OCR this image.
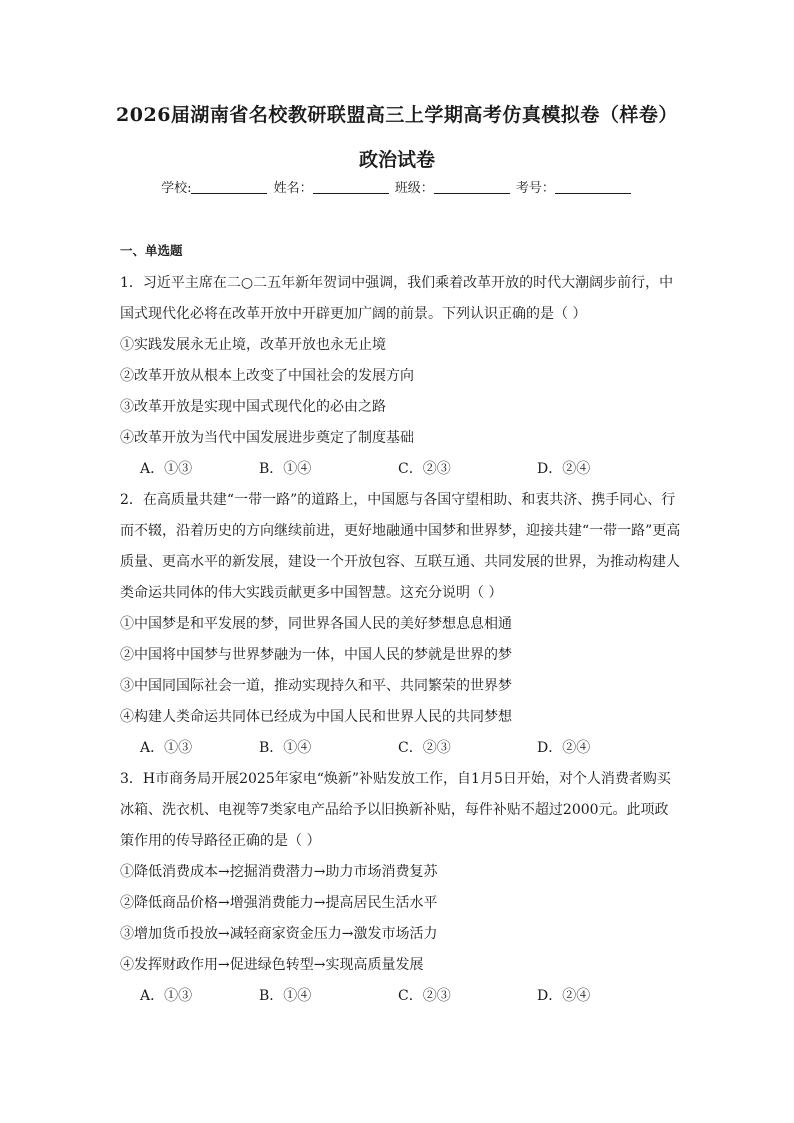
2026届湖南省名校教研联盟高三上学期高考仿真模拟卷（样卷）
政治试卷
学校:	姓名：	班级：	考号：
一、单选题
1．习近平主席在二○二五年新年贺词中强调，我们乘着改革开放的时代大潮阔步前行，中
国式现代化必将在改革开放中开辟更加广阔的前景。下列认识正确的是（ ）
①实践发展永无止境，改革开放也永无止境
②改革开放从根本上改变了中国社会的发展方向
③改革开放是实现中国式现代化的必由之路
④改革开放为当代中国发展进步奠定了制度基础
A．①③	B．①④	C．②③	D．②④
2．在高质量共建“一带一路”的道路上，中国愿与各国守望相助、和衷共济、携手同心、行
而不辍，沿着历史的方向继续前进，更好地融通中国梦和世界梦，迎接共建“一带一路”更高
质量、更高水平的新发展，建设一个开放包容、互联互通、共同发展的世界，为推动构建人
类命运共同体的伟大实践贡献更多中国智慧。这充分说明（ ）
①中国梦是和平发展的梦，同世界各国人民的美好梦想息息相通
②中国将中国梦与世界梦融为一体，中国人民的梦就是世界的梦
③中国同国际社会一道，推动实现持久和平、共同繁荣的世界梦
④构建人类命运共同体已经成为中国人民和世界人民的共同梦想
A．①③	B．①④	C．②③	D．②④
3．H市商务局开展2025年家电“焕新”补贴发放工作，自1月5日开始，对个人消费者购买
冰箱、洗衣机、电视等7类家电产品给予以旧换新补贴，每件补贴不超过2000元。此项政
策作用的传导路径正确的是（ ）
①降低消费成本→挖掘消费潜力→助力市场消费复苏
②降低商品价格→增强消费能力→提高居民生活水平
③增加货币投放→减轻商家资金压力→激发市场活力
④发挥财政作用→促进绿色转型→实现高质量发展
A．①③	B．①④	C．②③	D．②④
